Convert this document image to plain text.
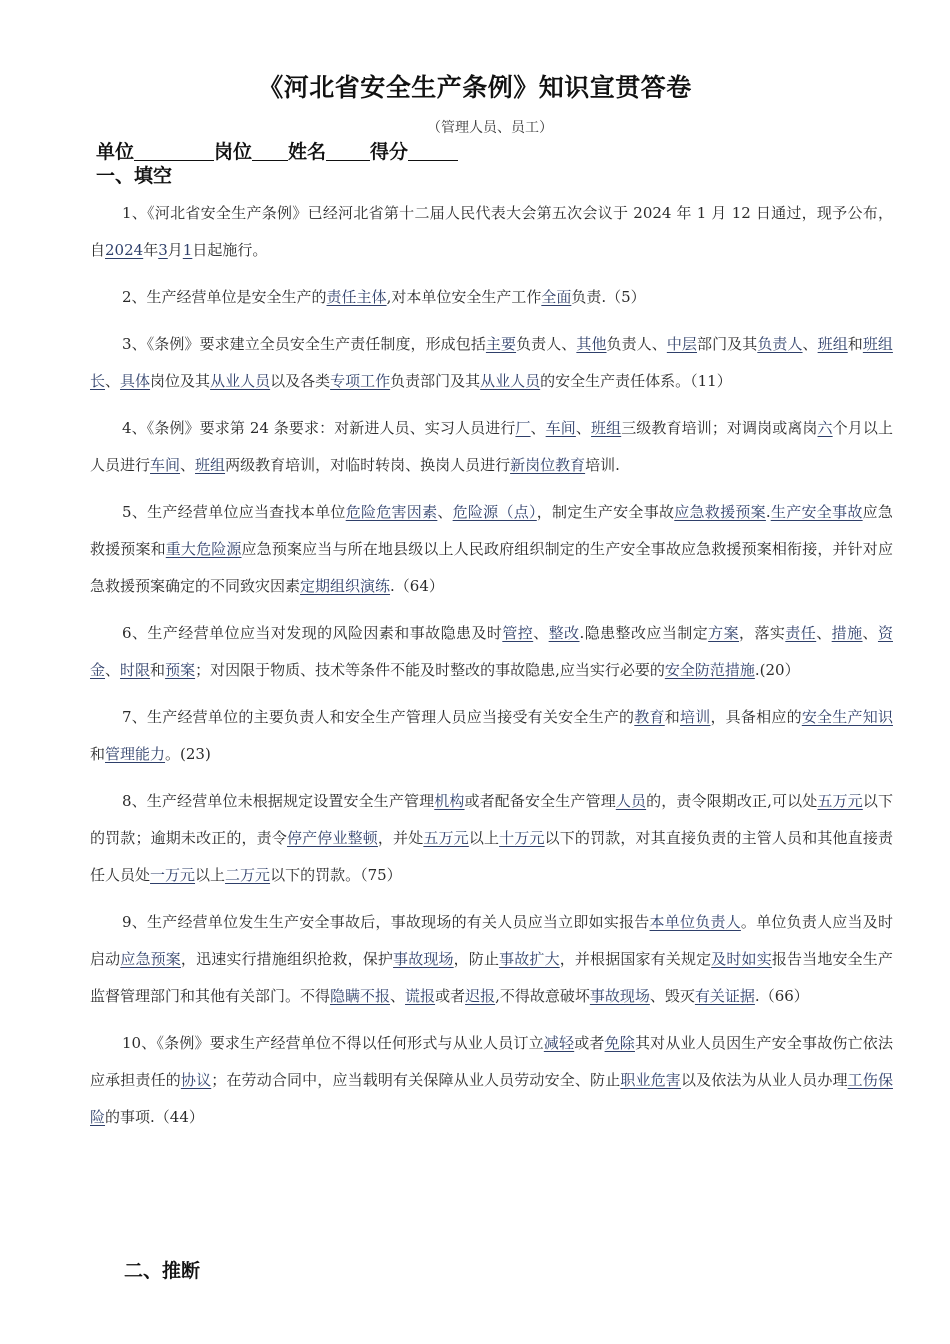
《河北省安全生产条例》知识宣贯答卷
（管理人员、员工）
单位	岗位 姓名 得分
一、填空

1、《河北省安全生产条例》已经河北省第十二届人民代表大会第五次会议于 2024 年 1 月 12 日通过，现予公布，自2024年3月1日起施行。

2、生产经营单位是安全生产的责任主体,对本单位安全生产工作全面负责.（5）

3、《条例》要求建立全员安全生产责任制度，形成包括主要负责人、其他负责人、中层部门及其负责人、班组和班组长、具体岗位及其从业人员以及各类专项工作负责部门及其从业人员的安全生产责任体系。（11）

4、《条例》要求第 24 条要求：对新进人员、实习人员进行厂、车间、班组三级教育培训；对调岗或离岗六个月以上人员进行车间、班组两级教育培训，对临时转岗、换岗人员进行新岗位教育培训.

5、生产经营单位应当查找本单位危险危害因素、危险源（点），制定生产安全事故应急救援预案.生产安全事故应急救援预案和重大危险源应急预案应当与所在地县级以上人民政府组织制定的生产安全事故应急救援预案相衔接，并针对应急救援预案确定的不同致灾因素定期组织演练.（64）

6、生产经营单位应当对发现的风险因素和事故隐患及时管控、整改.隐患整改应当制定方案，落实责任、措施、资金、时限和预案；对因限于物质、技术等条件不能及时整改的事故隐患,应当实行必要的安全防范措施.(20）

7、生产经营单位的主要负责人和安全生产管理人员应当接受有关安全生产的教育和培训，具备相应的安全生产知识和管理能力。(23)

8、生产经营单位未根据规定设置安全生产管理机构或者配备安全生产管理人员的，责令限期改正,可以处五万元以下的罚款；逾期未改正的，责令停产停业整顿，并处五万元以上十万元以下的罚款，对其直接负责的主管人员和其他直接责任人员处一万元以上二万元以下的罚款。（75）

9、生产经营单位发生生产安全事故后，事故现场的有关人员应当立即如实报告本单位负责人。单位负责人应当及时启动应急预案，迅速实行措施组织抢救，保护事故现场，防止事故扩大，并根据国家有关规定及时如实报告当地安全生产监督管理部门和其他有关部门。不得隐瞒不报、谎报或者迟报,不得故意破坏事故现场、毁灭有关证据.（66）

10、《条例》要求生产经营单位不得以任何形式与从业人员订立减轻或者免除其对从业人员因生产安全事故伤亡依法应承担责任的协议；在劳动合同中，应当载明有关保障从业人员劳动安全、防止职业危害以及依法为从业人员办理工伤保险的事项.（44）

二、推断
